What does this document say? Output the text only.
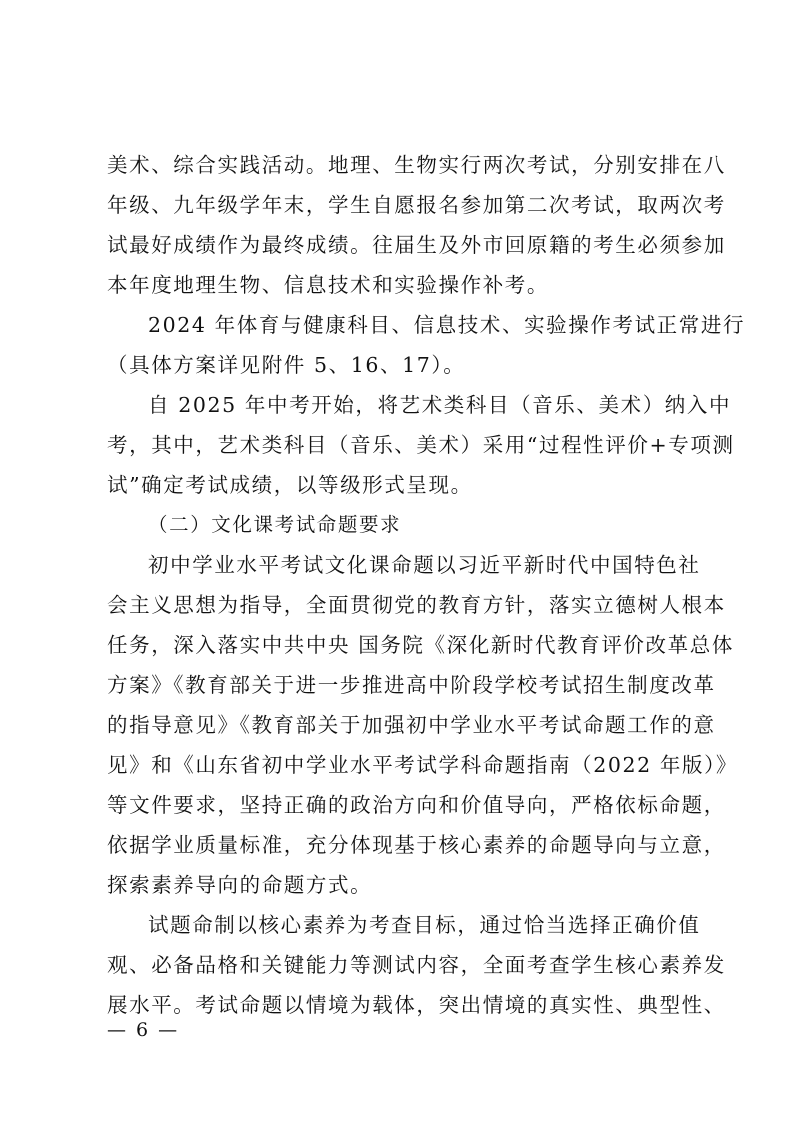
美术、综合实践活动。地理、生物实行两次考试，分别安排在八
年级、九年级学年末，学生自愿报名参加第二次考试，取两次考
试最好成绩作为最终成绩。往届生及外市回原籍的考生必须参加
本年度地理生物、信息技术和实验操作补考。
2024 年体育与健康科目、信息技术、实验操作考试正常进行
（具体方案详见附件 5、16、17）。
自 2025 年中考开始，将艺术类科目（音乐、美术）纳入中
考，其中，艺术类科目（音乐、美术）采用“过程性评价+专项测
试”确定考试成绩，以等级形式呈现。
（二）文化课考试命题要求
初中学业水平考试文化课命题以习近平新时代中国特色社
会主义思想为指导，全面贯彻党的教育方针，落实立德树人根本
任务，深入落实中共中央 国务院《深化新时代教育评价改革总体
方案》《教育部关于进一步推进高中阶段学校考试招生制度改革
的指导意见》《教育部关于加强初中学业水平考试命题工作的意
见》和《山东省初中学业水平考试学科命题指南（2022 年版）》
等文件要求，坚持正确的政治方向和价值导向，严格依标命题，
依据学业质量标准，充分体现基于核心素养的命题导向与立意，
探索素养导向的命题方式。
试题命制以核心素养为考查目标，通过恰当选择正确价值
观、必备品格和关键能力等测试内容，全面考查学生核心素养发
展水平。考试命题以情境为载体，突出情境的真实性、典型性、
— 6 —
